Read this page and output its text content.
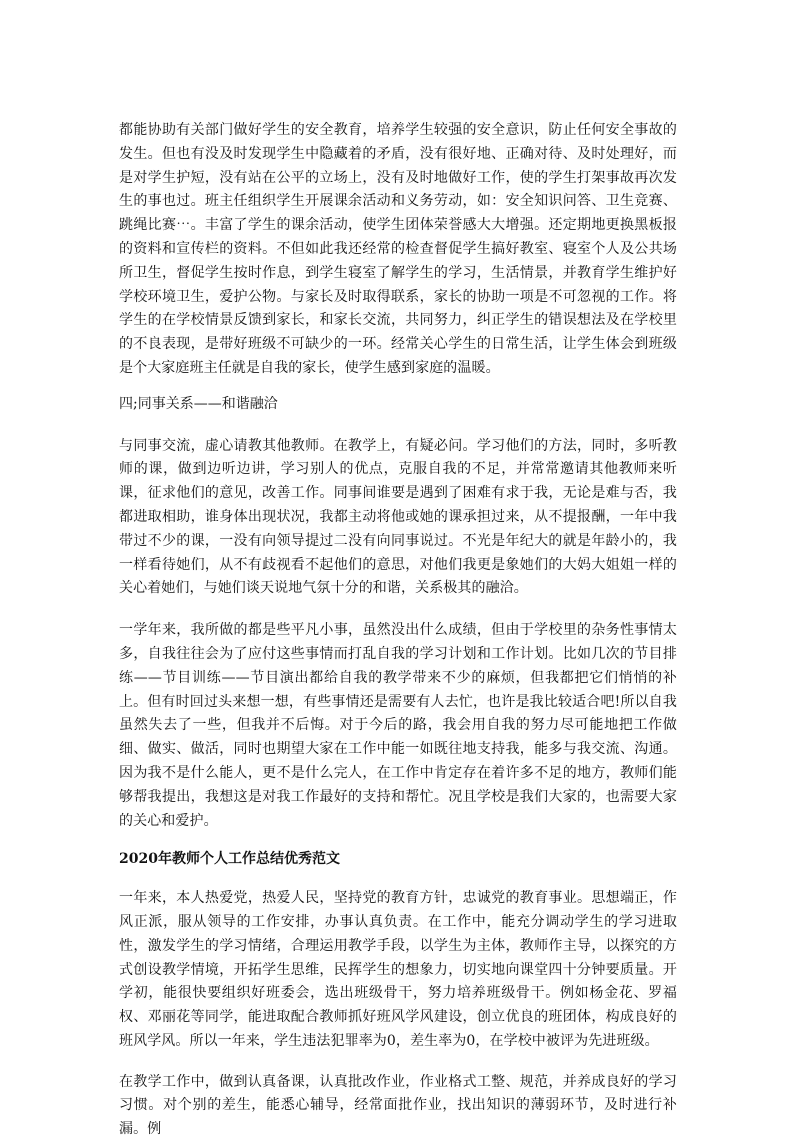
都能协助有关部门做好学生的安全教育，培养学生较强的安全意识，防止任何安全事故的发生。但也有没及时发现学生中隐藏着的矛盾，没有很好地、正确对待、及时处理好，而是对学生护短，没有站在公平的立场上，没有及时地做好工作，使的学生打架事故再次发生的事也过。班主任组织学生开展课余活动和义务劳动，如：安全知识问答、卫生竞赛、跳绳比赛⋯。丰富了学生的课余活动，使学生团体荣誉感大大增强。还定期地更换黑板报的资料和宣传栏的资料。不但如此我还经常的检查督促学生搞好教室、寝室个人及公共场所卫生，督促学生按时作息，到学生寝室了解学生的学习，生活情景，并教育学生维护好学校环境卫生，爱护公物。与家长及时取得联系，家长的协助一项是不可忽视的工作。将学生的在学校情景反馈到家长，和家长交流，共同努力，纠正学生的错误想法及在学校里的不良表现，是带好班级不可缺少的一环。经常关心学生的日常生活，让学生体会到班级是个大家庭班主任就是自我的家长，使学生感到家庭的温暖。

四;同事关系——和谐融洽

与同事交流，虚心请教其他教师。在教学上，有疑必问。学习他们的方法，同时，多听教师的课，做到边听边讲，学习别人的优点，克服自我的不足，并常常邀请其他教师来听课，征求他们的意见，改善工作。同事间谁要是遇到了困难有求于我，无论是难与否，我都进取相助，谁身体出现状况，我都主动将他或她的课承担过来，从不提报酬，一年中我带过不少的课，一没有向领导提过二没有向同事说过。不光是年纪大的就是年龄小的，我一样看待她们，从不有歧视看不起他们的意思，对他们我更是象她们的大妈大姐姐一样的关心着她们，与她们谈天说地气氛十分的和谐，关系极其的融洽。

一学年来，我所做的都是些平凡小事，虽然没出什么成绩，但由于学校里的杂务性事情太多，自我往往会为了应付这些事情而打乱自我的学习计划和工作计划。比如几次的节目排练——节目训练——节目演出都给自我的教学带来不少的麻烦，但我都把它们悄悄的补上。但有时回过头来想一想，有些事情还是需要有人去忙，也许是我比较适合吧!所以自我虽然失去了一些，但我并不后悔。对于今后的路，我会用自我的努力尽可能地把工作做细、做实、做活，同时也期望大家在工作中能一如既往地支持我，能多与我交流、沟通。因为我不是什么能人，更不是什么完人，在工作中肯定存在着许多不足的地方，教师们能够帮我提出，我想这是对我工作最好的支持和帮忙。况且学校是我们大家的，也需要大家的关心和爱护。

2020年教师个人工作总结优秀范文

一年来，本人热爱党，热爱人民，坚持党的教育方针，忠诚党的教育事业。思想端正，作风正派，服从领导的工作安排，办事认真负责。在工作中，能充分调动学生的学习进取性，激发学生的学习情绪，合理运用教学手段，以学生为主体，教师作主导，以探究的方式创设教学情境，开拓学生思维，民挥学生的想象力，切实地向课堂四十分钟要质量。开学初，能很快要组织好班委会，选出班级骨干，努力培养班级骨干。例如杨金花、罗福权、邓丽花等同学，能进取配合教师抓好班风学风建设，创立优良的班团体，构成良好的班风学风。所以一年来，学生违法犯罪率为0，差生率为0，在学校中被评为先进班级。

在教学工作中，做到认真备课，认真批改作业，作业格式工整、规范，并养成良好的学习习惯。对个别的差生，能悉心辅导，经常面批作业，找出知识的薄弱环节，及时进行补漏。例
